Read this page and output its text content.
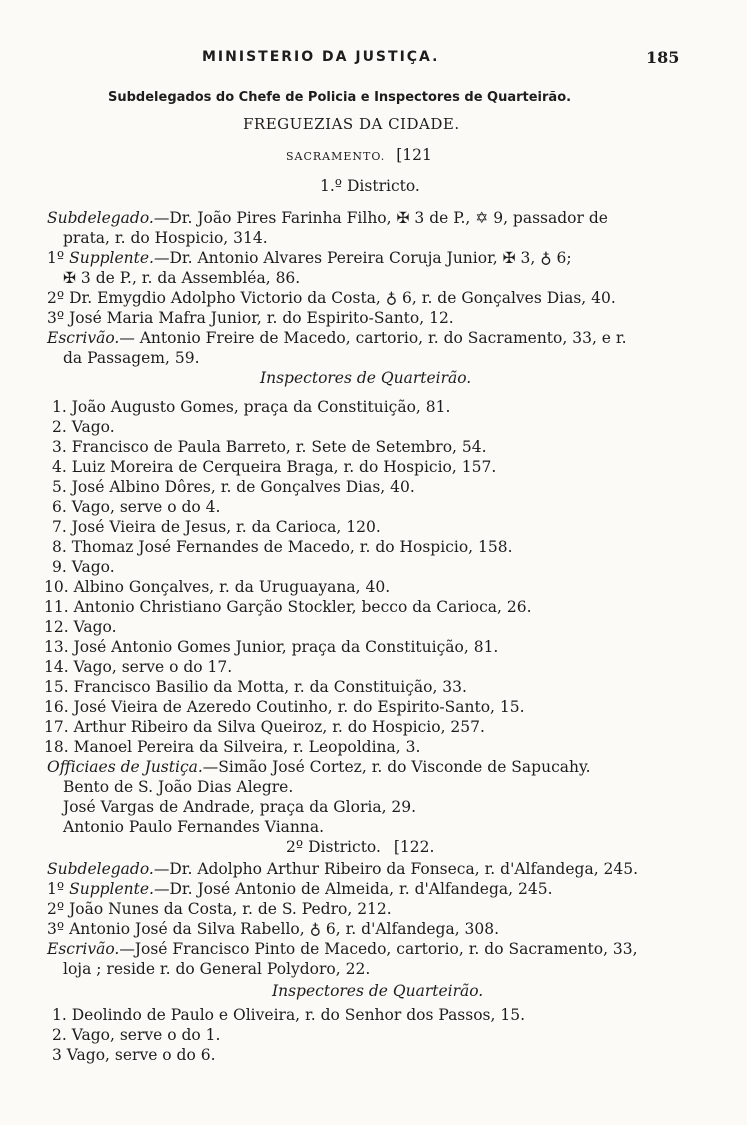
MINISTERIO DA JUSTIÇA.	185
Subdelegados do Chefe de Policia e Inspectores de Quarteirão.
FREGUEZIAS DA CIDADE.
SACRAMENTO. [121
1.º Districto.
Subdelegado.—Dr. João Pires Farinha Filho, ✠ 3 de P., ✡ 9, passador de
prata, r. do Hospicio, 314.
1º Supplente.—Dr. Antonio Alvares Pereira Coruja Junior, ✠ 3, ♁ 6;
✠ 3 de P., r. da Assembléa, 86.
2º Dr. Emygdio Adolpho Victorio da Costa, ♁ 6, r. de Gonçalves Dias, 40.
3º José Maria Mafra Junior, r. do Espirito-Santo, 12.
Escrivão.— Antonio Freire de Macedo, cartorio, r. do Sacramento, 33, e r.
da Passagem, 59.
Inspectores de Quarteirão.
1. João Augusto Gomes, praça da Constituição, 81.
2. Vago.
3. Francisco de Paula Barreto, r. Sete de Setembro, 54.
4. Luiz Moreira de Cerqueira Braga, r. do Hospicio, 157.
5. José Albino Dôres, r. de Gonçalves Dias, 40.
6. Vago, serve o do 4.
7. José Vieira de Jesus, r. da Carioca, 120.
8. Thomaz José Fernandes de Macedo, r. do Hospicio, 158.
9. Vago.
10. Albino Gonçalves, r. da Uruguayana, 40.
11. Antonio Christiano Garção Stockler, becco da Carioca, 26.
12. Vago.
13. José Antonio Gomes Junior, praça da Constituição, 81.
14. Vago, serve o do 17.
15. Francisco Basilio da Motta, r. da Constituição, 33.
16. José Vieira de Azeredo Coutinho, r. do Espirito-Santo, 15.
17. Arthur Ribeiro da Silva Queiroz, r. do Hospicio, 257.
18. Manoel Pereira da Silveira, r. Leopoldina, 3.
Officiaes de Justiça.—Simão José Cortez, r. do Visconde de Sapucahy.
Bento de S. João Dias Alegre.
José Vargas de Andrade, praça da Gloria, 29.
Antonio Paulo Fernandes Vianna.
2º Districto. [122.
Subdelegado.—Dr. Adolpho Arthur Ribeiro da Fonseca, r. d'Alfandega, 245.
1º Supplente.—Dr. José Antonio de Almeida, r. d'Alfandega, 245.
2º João Nunes da Costa, r. de S. Pedro, 212.
3º Antonio José da Silva Rabello, ♁ 6, r. d'Alfandega, 308.
Escrivão.—José Francisco Pinto de Macedo, cartorio, r. do Sacramento, 33,
loja ; reside r. do General Polydoro, 22.
Inspectores de Quarteirão.
1. Deolindo de Paulo e Oliveira, r. do Senhor dos Passos, 15.
2. Vago, serve o do 1.
3 Vago, serve o do 6.
